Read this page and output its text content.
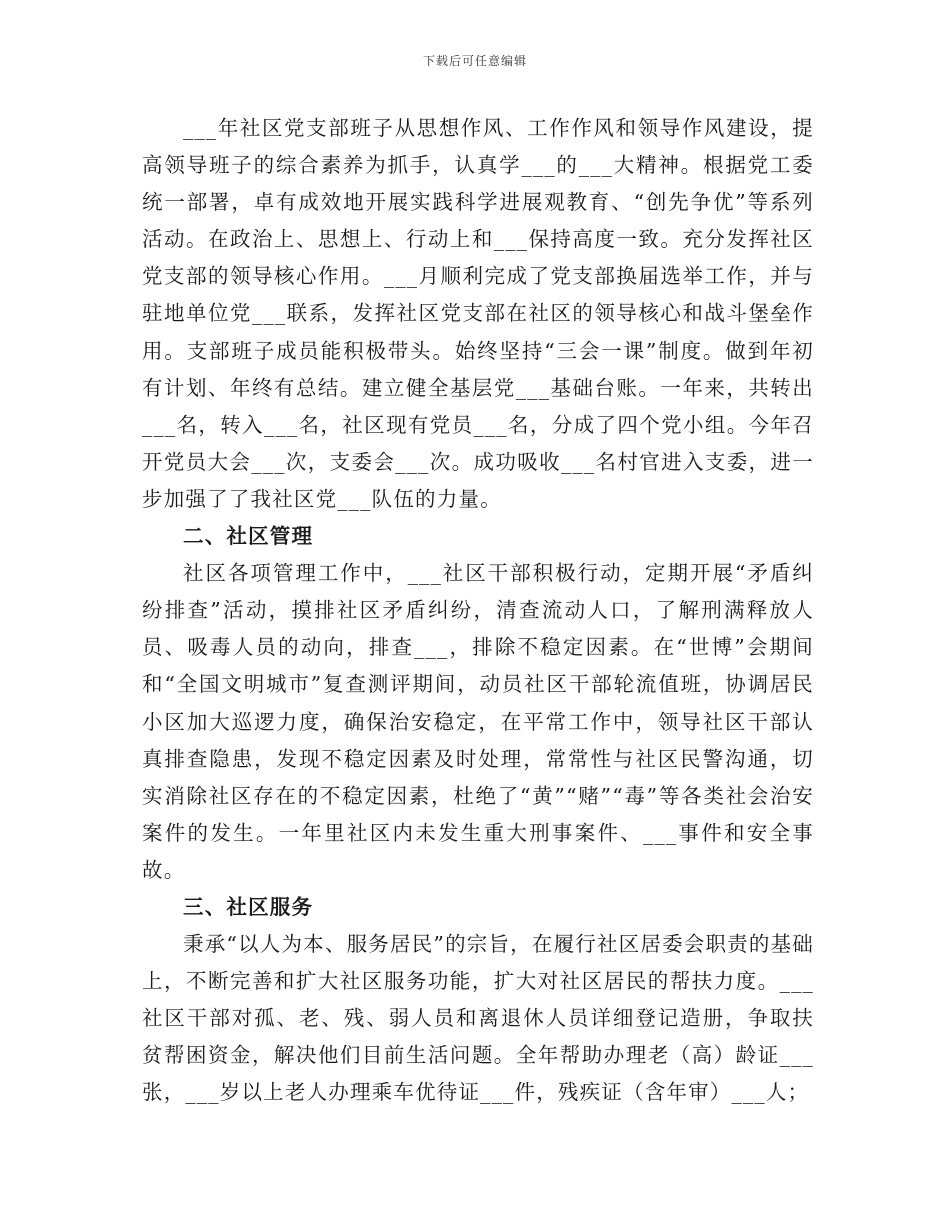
下载后可任意编辑

___年社区党支部班子从思想作风、工作作风和领导作风建设，提高领导班子的综合素养为抓手，认真学___的___大精神。根据党工委统一部署，卓有成效地开展实践科学进展观教育、“创先争优”等系列活动。在政治上、思想上、行动上和___保持高度一致。充分发挥社区党支部的领导核心作用。___月顺利完成了党支部换届选举工作，并与驻地单位党___联系，发挥社区党支部在社区的领导核心和战斗堡垒作用。支部班子成员能积极带头。始终坚持“三会一课”制度。做到年初有计划、年终有总结。建立健全基层党___基础台账。一年来，共转出___名，转入___名，社区现有党员___名，分成了四个党小组。今年召开党员大会___次，支委会___次。成功吸收___名村官进入支委，进一步加强了了我社区党___队伍的力量。

二、社区管理

社区各项管理工作中，___社区干部积极行动，定期开展“矛盾纠纷排查”活动，摸排社区矛盾纠纷，清查流动人口，了解刑满释放人员、吸毒人员的动向，排查___，排除不稳定因素。在“世博”会期间和“全国文明城市”复查测评期间，动员社区干部轮流值班，协调居民小区加大巡逻力度，确保治安稳定，在平常工作中，领导社区干部认真排查隐患，发现不稳定因素及时处理，常常性与社区民警沟通，切实消除社区存在的不稳定因素，杜绝了“黄”“赌”“毒”等各类社会治安案件的发生。一年里社区内未发生重大刑事案件、___事件和安全事故。

三、社区服务

秉承“以人为本、服务居民”的宗旨，在履行社区居委会职责的基础上，不断完善和扩大社区服务功能，扩大对社区居民的帮扶力度。___社区干部对孤、老、残、弱人员和离退休人员详细登记造册，争取扶贫帮困资金，解决他们目前生活问题。全年帮助办理老（高）龄证___张，___岁以上老人办理乘车优待证___件，残疾证（含年审）___人；
